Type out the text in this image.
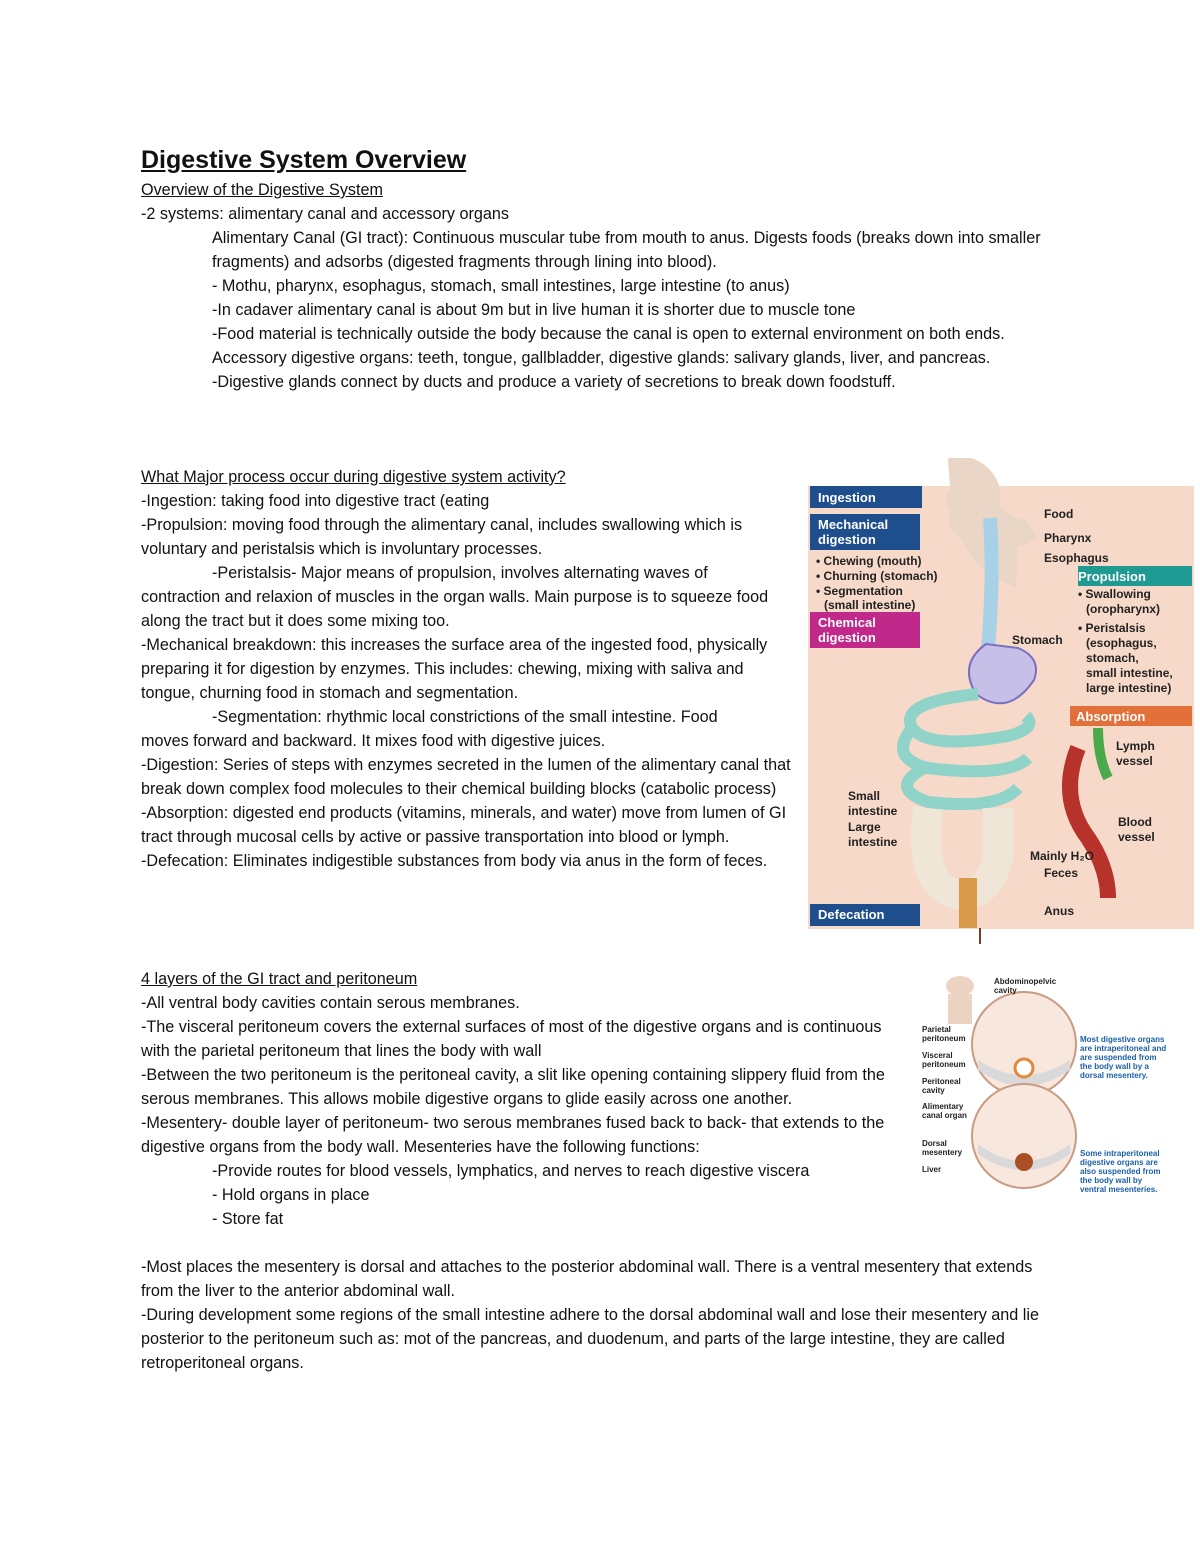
Digestive System Overview
Overview of the Digestive System

-2 systems: alimentary canal and accessory organs

Alimentary Canal (GI tract): Continuous muscular tube from mouth to anus. Digests foods (breaks down into smaller fragments) and adsorbs (digested fragments through lining into blood).

- Mothu, pharynx, esophagus, stomach, small intestines, large intestine (to anus)

-In cadaver alimentary canal is about 9m but in live human it is shorter due to muscle tone

-Food material is technically outside the body because the canal is open to external environment on both ends.

Accessory digestive organs: teeth, tongue, gallbladder, digestive glands: salivary glands, liver, and pancreas.

-Digestive glands connect by ducts and produce a variety of secretions to break down foodstuff.

What Major process occur during digestive system activity?

-Ingestion: taking food into digestive tract (eating

-Propulsion: moving food through the alimentary canal, includes swallowing which is voluntary and peristalsis which is involuntary processes.

-Peristalsis- Major means of propulsion, involves alternating waves of

contraction and relaxion of muscles in the organ walls. Main purpose is to squeeze food along the tract but it does some mixing too.

-Mechanical breakdown: this increases the surface area of the ingested food, physically preparing it for digestion by enzymes. This includes: chewing, mixing with saliva and tongue, churning food in stomach and segmentation.

-Segmentation: rhythmic local constrictions of the small intestine. Food

moves forward and backward. It mixes food with digestive juices.

-Digestion: Series of steps with enzymes secreted in the lumen of the alimentary canal that break down complex food molecules to their chemical building blocks (catabolic process)

-Absorption: digested end products (vitamins, minerals, and water) move from lumen of GI tract through mucosal cells by active or passive transportation into blood or lymph.

-Defecation: Eliminates indigestible substances from body via anus in the form of feces.

4 layers of the GI tract and peritoneum

-All ventral body cavities contain serous membranes.

-The visceral peritoneum covers the external surfaces of most of the digestive organs and is continuous with the parietal peritoneum that lines the body with wall

-Between the two peritoneum is the peritoneal cavity, a slit like opening containing slippery fluid from the serous membranes. This allows mobile digestive organs to glide easily across one another.

-Mesentery- double layer of peritoneum- two serous membranes fused back to back- that extends to the digestive organs from the body wall. Mesenteries have the following functions:

-Provide routes for blood vessels, lymphatics, and nerves to reach digestive viscera

- Hold organs in place

- Store fat

-Most places the mesentery is dorsal and attaches to the posterior abdominal wall. There is a ventral mesentery that extends from the liver to the anterior abdominal wall.

-During development some regions of the small intestine adhere to the dorsal abdominal wall and lose their mesentery and lie posterior to the peritoneum such as: mot of the pancreas, and duodenum, and parts of the large intestine, they are called retroperitoneal organs.

Ingestion
Mechanical
digestion
• Chewing (mouth)
• Churning (stomach)
• Segmentation
(small intestine)
Chemical
digestion
Propulsion
• Swallowing
(oropharynx)
• Peristalsis
(esophagus,
stomach,
small intestine,
large intestine)
Absorption
Defecation
Food
Pharynx
Esophagus
Stomach
Lymph
vessel
Blood
vessel
Small
intestine
Large
intestine
Mainly H₂O
Feces
Anus
Abdominopelvic
cavity
Parietal
peritoneum
Visceral
peritoneum
Peritoneal
cavity
Alimentary
canal organ
Dorsal
mesentery
Liver
Most digestive organs
are intraperitoneal and
are suspended from
the body wall by a
dorsal mesentery.
Some intraperitoneal
digestive organs are
also suspended from
the body wall by
ventral mesenteries.
